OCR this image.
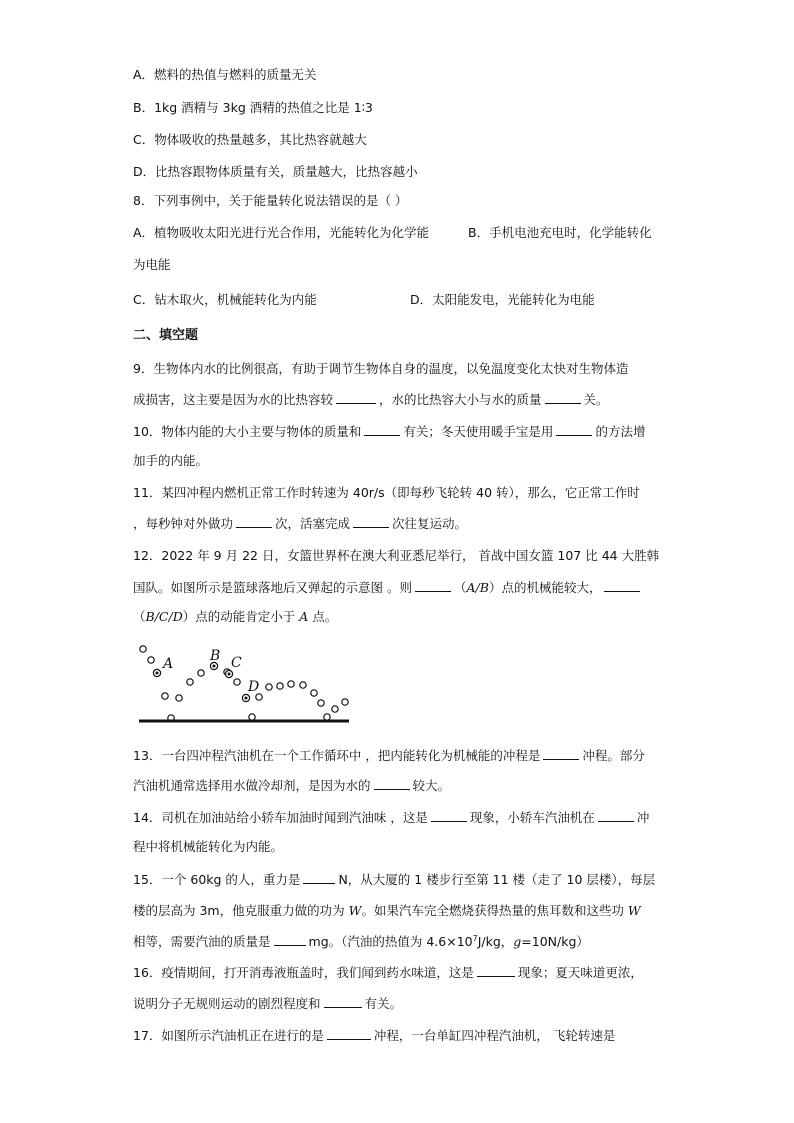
A．燃料的热值与燃料的质量无关
B．1kg 酒精与 3kg 酒精的热值之比是 1∶3
C．物体吸收的热量越多，其比热容就越大
D．比热容跟物体质量有关，质量越大，比热容越小
8．下列事例中，关于能量转化说法错误的是（ ）
A．植物吸收太阳光进行光合作用，光能转化为化学能	B．手机电池充电时，化学能转化
为电能
C．钻木取火，机械能转化为内能	D．太阳能发电，光能转化为电能
二、填空题
9．生物体内水的比例很高，有助于调节生物体自身的温度，以免温度变化太快对生物体造
成损害，这主要是因为水的比热容较	，水的比热容大小与水的质量	关。
10．物体内能的大小主要与物体的质量和	有关；冬天使用暖手宝是用	的方法增
加手的内能。
11．某四冲程内燃机正常工作时转速为 40r/s（即每秒飞轮转 40 转），那么，它正常工作时
，每秒钟对外做功	次，活塞完成	次往复运动。
12．2022 年 9 月 22 日，女篮世界杯在澳大利亚悉尼举行， 首战中国女篮 107 比 44 大胜韩
国队。如图所示是篮球落地后又弹起的示意图 。则	（A/B）点的机械能较大，
（B/C/D）点的动能肯定小于 A 点。
A	B C
D
13．一台四冲程汽油机在一个工作循环中 ，把内能转化为机械能的冲程是	冲程。部分
汽油机通常选择用水做冷却剂，是因为水的	较大。
14．司机在加油站给小轿车加油时闻到汽油味 ，这是	现象，小轿车汽油机在	冲
程中将机械能转化为内能。
15．一个 60kg 的人，重力是	N，从大厦的 1 楼步行至第 11 楼（走了 10 层楼），每层
楼的层高为 3m，他克服重力做的功为 W。如果汽车完全燃烧获得热量的焦耳数和这些功 W
相等，需要汽油的质量是	mg。（汽油的热值为 $4.6\times 10^7J/kg$，g=10N/kg）
16．疫情期间，打开消毒液瓶盖时，我们闻到药水味道，这是	现象；夏天味道更浓，
说明分子无规则运动的剧烈程度和	有关。
17．如图所示汽油机正在进行的是	冲程，一台单缸四冲程汽油机， 飞轮转速是
